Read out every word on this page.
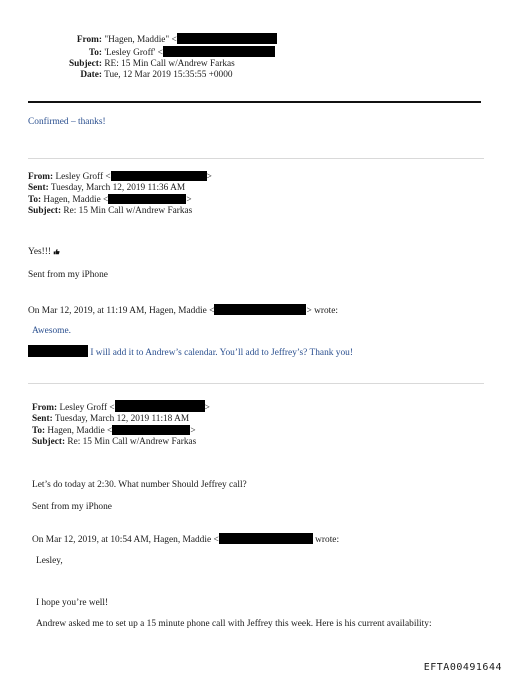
From: "Hagen, Maddie" <
To: 'Lesley Groff' <
Subject: RE: 15 Min Call w/Andrew Farkas
Date: Tue, 12 Mar 2019 15:35:55 +0000
Confirmed – thanks!
From: Lesley Groff <	>
Sent: Tuesday, March 12, 2019 11:36 AM
To: Hagen, Maddie <	>
Subject: Re: 15 Min Call w/Andrew Farkas
Yes!!!
Sent from my iPhone
On Mar 12, 2019, at 11:19 AM, Hagen, Maddie <	> wrote:
Awesome.
I will add it to Andrew’s calendar. You’ll add to Jeffrey’s? Thank you!
From: Lesley Groff <	>
Sent: Tuesday, March 12, 2019 11:18 AM
To: Hagen, Maddie <	>
Subject: Re: 15 Min Call w/Andrew Farkas
Let’s do today at 2:30. What number Should Jeffrey call?
Sent from my iPhone
On Mar 12, 2019, at 10:54 AM, Hagen, Maddie <	wrote:
Lesley,
I hope you’re well!
Andrew asked me to set up a 15 minute phone call with Jeffrey this week. Here is his current availability:
EFTA00491644
